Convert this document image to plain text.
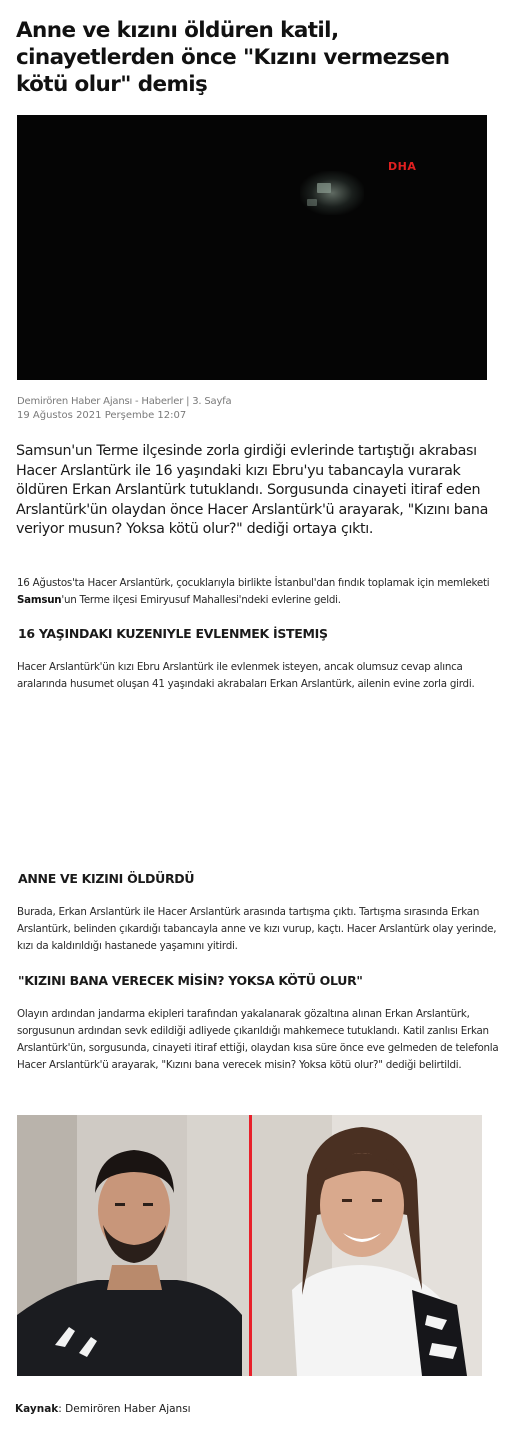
Anne ve kızını öldüren katil, cinayetlerden önce "Kızını vermezsen kötü olur" demiş
DHA
Demirören Haber Ajansı - Haberler | 3. Sayfa
19 Ağustos 2021 Perşembe 12:07

Samsun'un Terme ilçesinde zorla girdiği evlerinde tartıştığı akrabası Hacer Arslantürk ile 16 yaşındaki kızı Ebru'yu tabancayla vurarak öldüren Erkan Arslantürk tutuklandı. Sorgusunda cinayeti itiraf eden Arslantürk'ün olaydan önce Hacer Arslantürk'ü arayarak, "Kızını bana veriyor musun? Yoksa kötü olur?" dediği ortaya çıktı.

16 Ağustos'ta Hacer Arslantürk, çocuklarıyla birlikte İstanbul'dan fındık toplamak için memleketi Samsun'un Terme ilçesi Emiryusuf Mahallesi'ndeki evlerine geldi.

16 YAŞINDAKI KUZENIYLE EVLENMEK İSTEMIŞ

Hacer Arslantürk'ün kızı Ebru Arslantürk ile evlenmek isteyen, ancak olumsuz cevap alınca aralarında husumet oluşan 41 yaşındaki akrabaları Erkan Arslantürk, ailenin evine zorla girdi.

ANNE VE KIZINI ÖLDÜRDÜ

Burada, Erkan Arslantürk ile Hacer Arslantürk arasında tartışma çıktı. Tartışma sırasında Erkan Arslantürk, belinden çıkardığı tabancayla anne ve kızı vurup, kaçtı. Hacer Arslantürk olay yerinde, kızı da kaldırıldığı hastanede yaşamını yitirdi.

"KIZINI BANA VERECEK MİSİN? YOKSA KÖTÜ OLUR"

Olayın ardından jandarma ekipleri tarafından yakalanarak gözaltına alınan Erkan Arslantürk, sorgusunun ardından sevk edildiği adliyede çıkarıldığı mahkemece tutuklandı. Katil zanlısı Erkan Arslantürk'ün, sorgusunda, cinayeti itiraf ettiği, olaydan kısa süre önce eve gelmeden de telefonla Hacer Arslantürk'ü arayarak, "Kızını bana verecek misin? Yoksa kötü olur?" dediği belirtildi.

Kaynak: Demirören Haber Ajansı
